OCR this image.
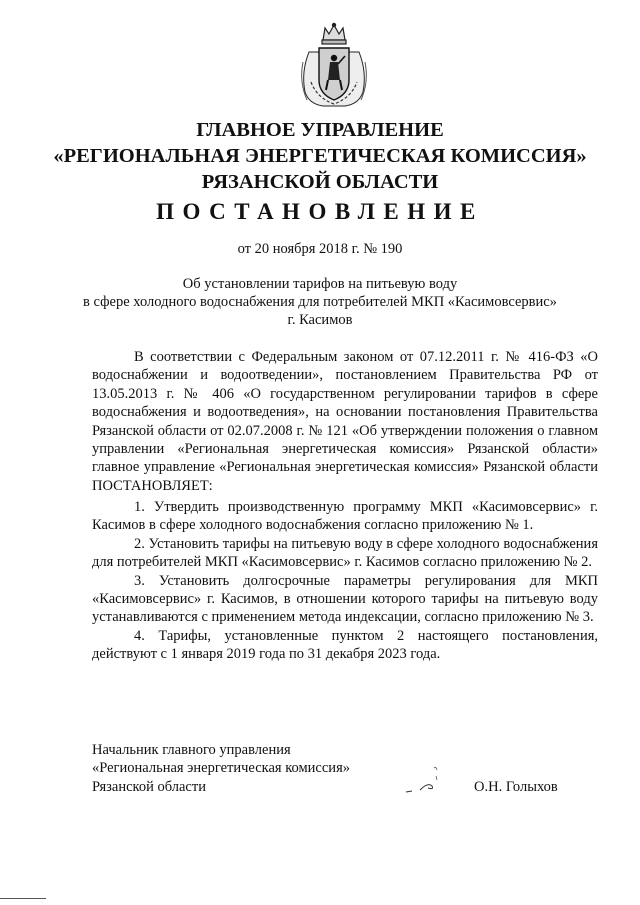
ГЛАВНОЕ УПРАВЛЕНИЕ
«РЕГИОНАЛЬНАЯ ЭНЕРГЕТИЧЕСКАЯ КОМИССИЯ»
РЯЗАНСКОЙ ОБЛАСТИ
ПОСТАНОВЛЕНИЕ
от 20 ноября 2018 г. № 190
Об установлении тарифов на питьевую воду
в сфере холодного водоснабжения для потребителей МКП «Касимовсервис»
г. Касимов
В соответствии с Федеральным законом от 07.12.2011 г. № 416-ФЗ «О водоснабжении и водоотведении», постановлением Правительства РФ от 13.05.2013 г. № 406 «О государственном регулировании тарифов в сфере водоснабжения и водоотведения», на основании постановления Правительства Рязанской области от 02.07.2008 г. № 121 «Об утверждении положения о главном управлении «Региональная энергетическая комиссия» Рязанской области» главное управление «Региональная энергетическая комиссия» Рязанской области ПОСТАНОВЛЯЕТ:

1. Утвердить производственную программу МКП «Касимовсервис» г. Касимов в сфере холодного водоснабжения согласно приложению № 1.

2. Установить тарифы на питьевую воду в сфере холодного водоснабжения для потребителей МКП «Касимовсервис» г. Касимов согласно приложению № 2.

3. Установить долгосрочные параметры регулирования для МКП «Касимовсервис» г. Касимов, в отношении которого тарифы на питьевую воду устанавливаются с применением метода индексации, согласно приложению № 3.

4. Тарифы, установленные пунктом 2 настоящего постановления, действуют с 1 января 2019 года по 31 декабря 2023 года.

Начальник главного управления
«Региональная энергетическая комиссия»
Рязанской области	О.Н. Голыхов
